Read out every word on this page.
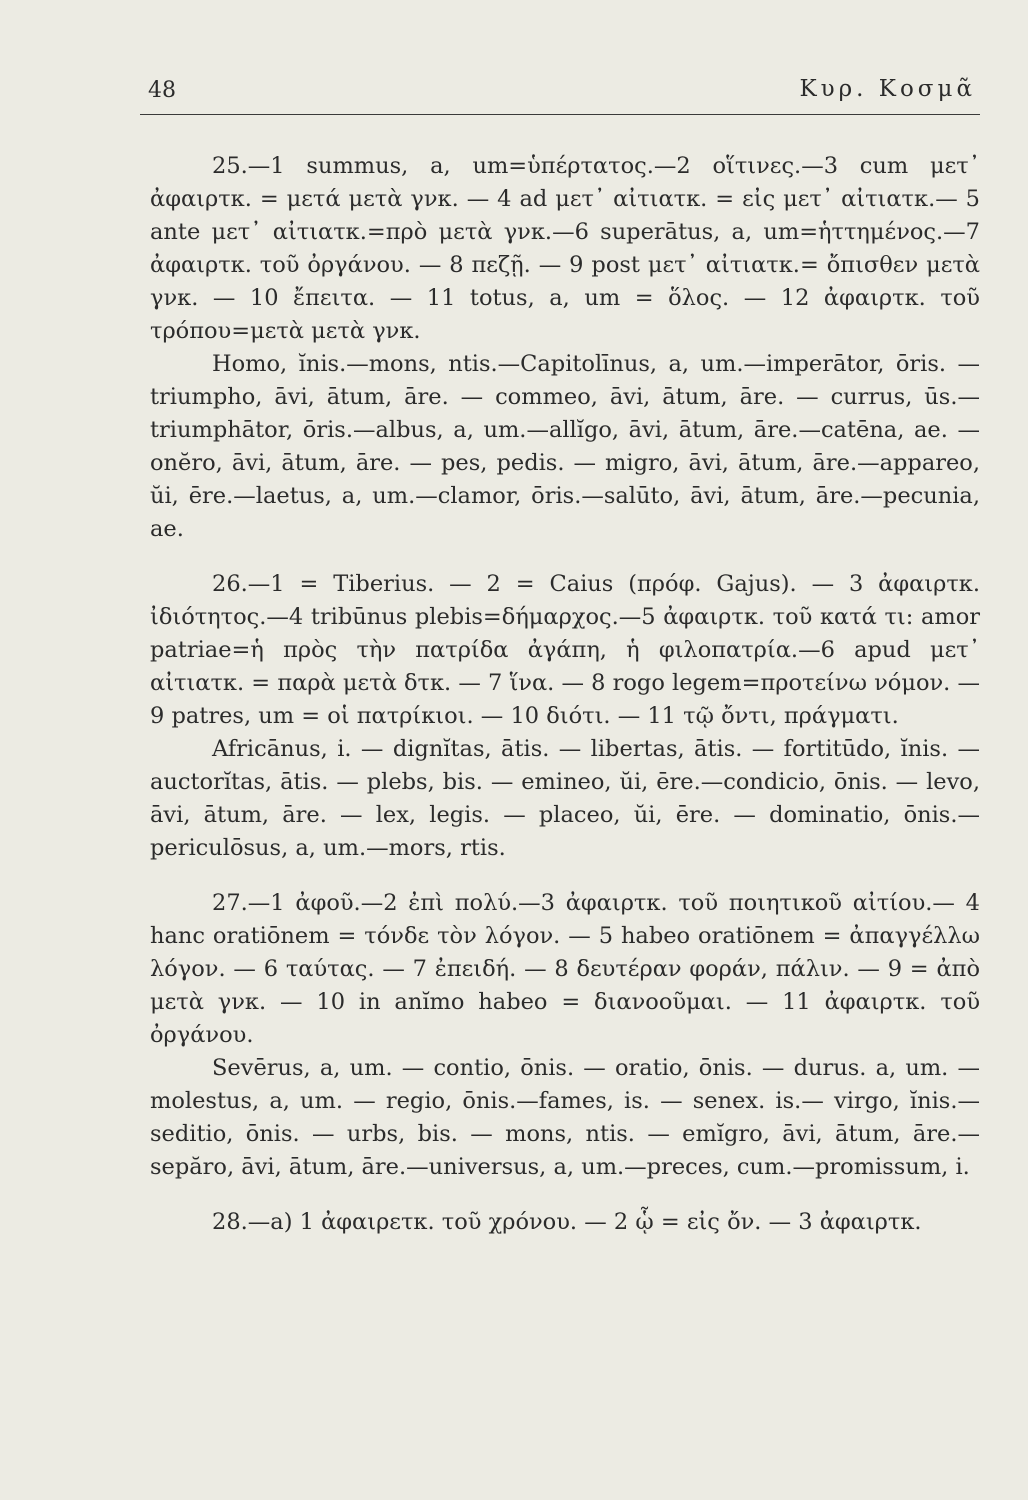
48	Κυρ. Κοσμᾶ

25.—1 summus, a, um=ὑπέρτατος.—2 οἵτινες.—3 cum μετ᾽ ἀφαιρτκ. = μετά μετὰ γνκ. — 4 ad μετ᾽ αἰτιατκ. = εἰς μετ᾽ αἰτιατκ.— 5 ante μετ᾽ αἰτιατκ.=πρὸ μετὰ γνκ.—6 superātus, a, um=ἡττημένος.—7 ἀφαιρτκ. τοῦ ὀργάνου. — 8 πεζῇ. — 9 post μετ᾽ αἰτιατκ.= ὄπισθεν μετὰ γνκ. — 10 ἔπειτα. — 11 totus, a, um = ὅλος. — 12 ἀφαιρτκ. τοῦ τρόπου=μετὰ μετὰ γνκ.

Homo, ĭnis.—mons, ntis.—Capitolīnus, a, um.—imperātor, ōris. — triumpho, āvi, ātum, āre. — commeo, āvi, ātum, āre. — currus, ūs.—triumphātor, ōris.—albus, a, um.—allĭgo, āvi, ātum, āre.—catēna, ae. — onĕro, āvi, ātum, āre. — pes, pedis. — migro, āvi, ātum, āre.—appareo, ŭi, ēre.—laetus, a, um.—clamor, ōris.—salūto, āvi, ātum, āre.—pecunia, ae.

26.—1 = Tiberius. — 2 = Caius (πρόφ. Gajus). — 3 ἀφαιρτκ. ἰδιότητος.—4 tribūnus plebis=δήμαρχος.—5 ἀφαιρτκ. τοῦ κατά τι: amor patriae=ἡ πρὸς τὴν πατρίδα ἀγάπη, ἡ φιλοπατρία.—6 apud μετ᾽ αἰτιατκ. = παρὰ μετὰ δτκ. — 7 ἵνα. — 8 rogo legem=προτείνω νόμον. — 9 patres, um = οἱ πατρίκιοι. — 10 διότι. — 11 τῷ ὄντι, πράγματι.

Africānus, i. — dignĭtas, ātis. — libertas, ātis. — fortitūdo, ĭnis. — auctorĭtas, ātis. — plebs, bis. — emineo, ŭi, ēre.—condicio, ōnis. — levo, āvi, ātum, āre. — lex, legis. — placeo, ŭi, ēre. — dominatio, ōnis.—periculōsus, a, um.—mors, rtis.

27.—1 ἀφοῦ.—2 ἐπὶ πολύ.—3 ἀφαιρτκ. τοῦ ποιητικοῦ αἰτίου.— 4 hanc oratiōnem = τόνδε τὸν λόγον. — 5 habeo oratiōnem = ἀπαγγέλλω λόγον. — 6 ταύτας. — 7 ἐπειδή. — 8 δευτέραν φοράν, πάλιν. — 9 = ἀπὸ μετὰ γνκ. — 10 in anĭmo habeo = διανοοῦμαι. — 11 ἀφαιρτκ. τοῦ ὀργάνου.

Sevērus, a, um. — contio, ōnis. — oratio, ōnis. — durus. a, um. — molestus, a, um. — regio, ōnis.—fames, is. — senex. is.— virgo, ĭnis.—seditio, ōnis. — urbs, bis. — mons, ntis. — emĭgro, āvi, ātum, āre.—sepăro, āvi, ātum, āre.—universus, a, um.—preces, cum.—promissum, i.

28.—a) 1 ἀφαιρετκ. τοῦ χρόνου. — 2 ᾧ = εἰς ὄν. — 3 ἀφαιρτκ.
